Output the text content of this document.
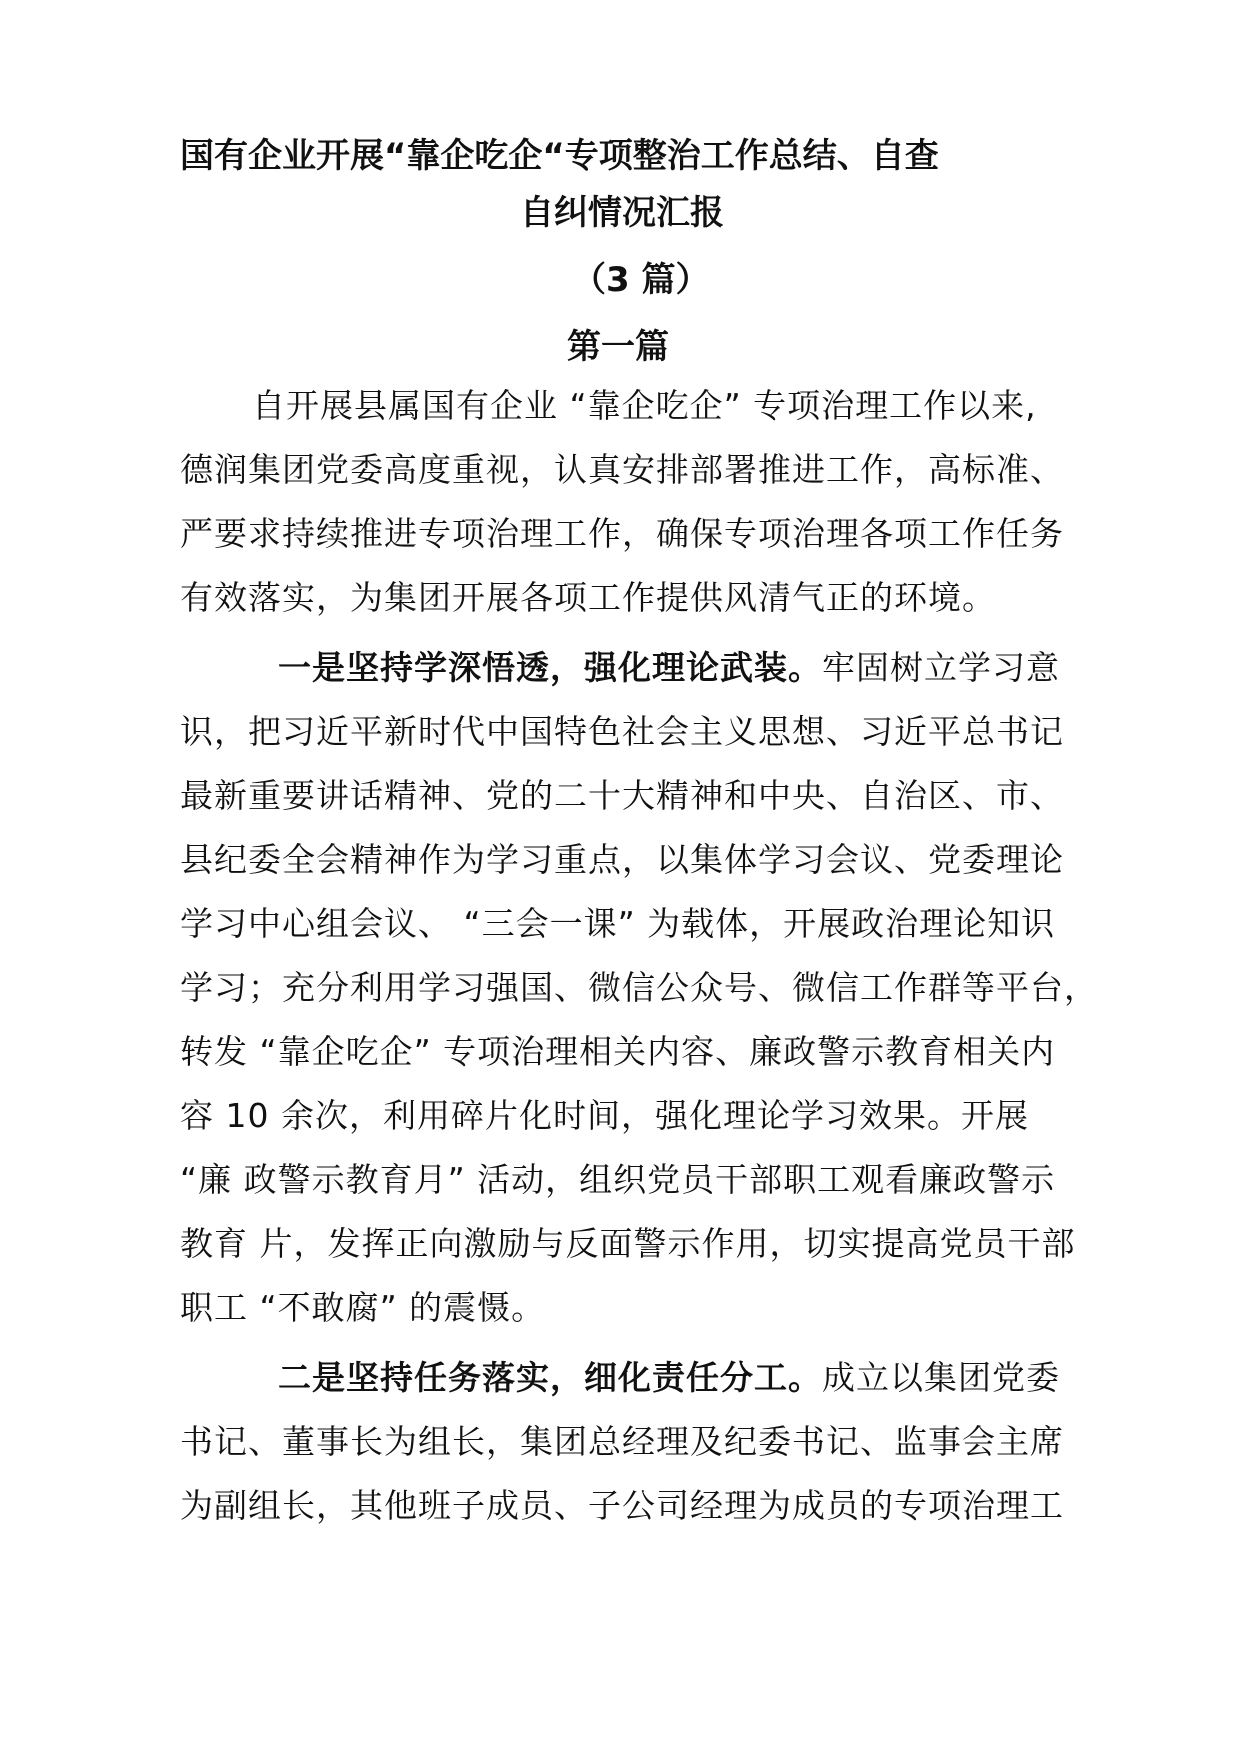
国有企业开展“靠企吃企“专项整治工作总结、自查
自纠情况汇报
（3 篇）
第一篇
自开展县属国有企业 “靠企吃企” 专项治理工作以来,
德润集团党委高度重视，认真安排部署推进工作，高标准、
严要求持续推进专项治理工作，确保专项治理各项工作任务
有效落实，为集团开展各项工作提供风清气正的环境。
一是坚持学深悟透，强化理论武装。牢固树立学习意
识，把习近平新时代中国特色社会主义思想、习近平总书记
最新重要讲话精神、党的二十大精神和中央、自治区、市、
县纪委全会精神作为学习重点，以集体学习会议、党委理论
学习中心组会议、 “三会一课” 为载体，开展政治理论知识
学习；充分利用学习强国、微信公众号、微信工作群等平台，
转发 “靠企吃企” 专项治理相关内容、廉政警示教育相关内
容 10 余次，利用碎片化时间，强化理论学习效果。开展
“廉 政警示教育月” 活动，组织党员干部职工观看廉政警示
教育 片，发挥正向激励与反面警示作用，切实提高党员干部
职工 “不敢腐” 的震慑。
二是坚持任务落实，细化责任分工。成立以集团党委
书记、董事长为组长，集团总经理及纪委书记、监事会主席
为副组长，其他班子成员、子公司经理为成员的专项治理工
